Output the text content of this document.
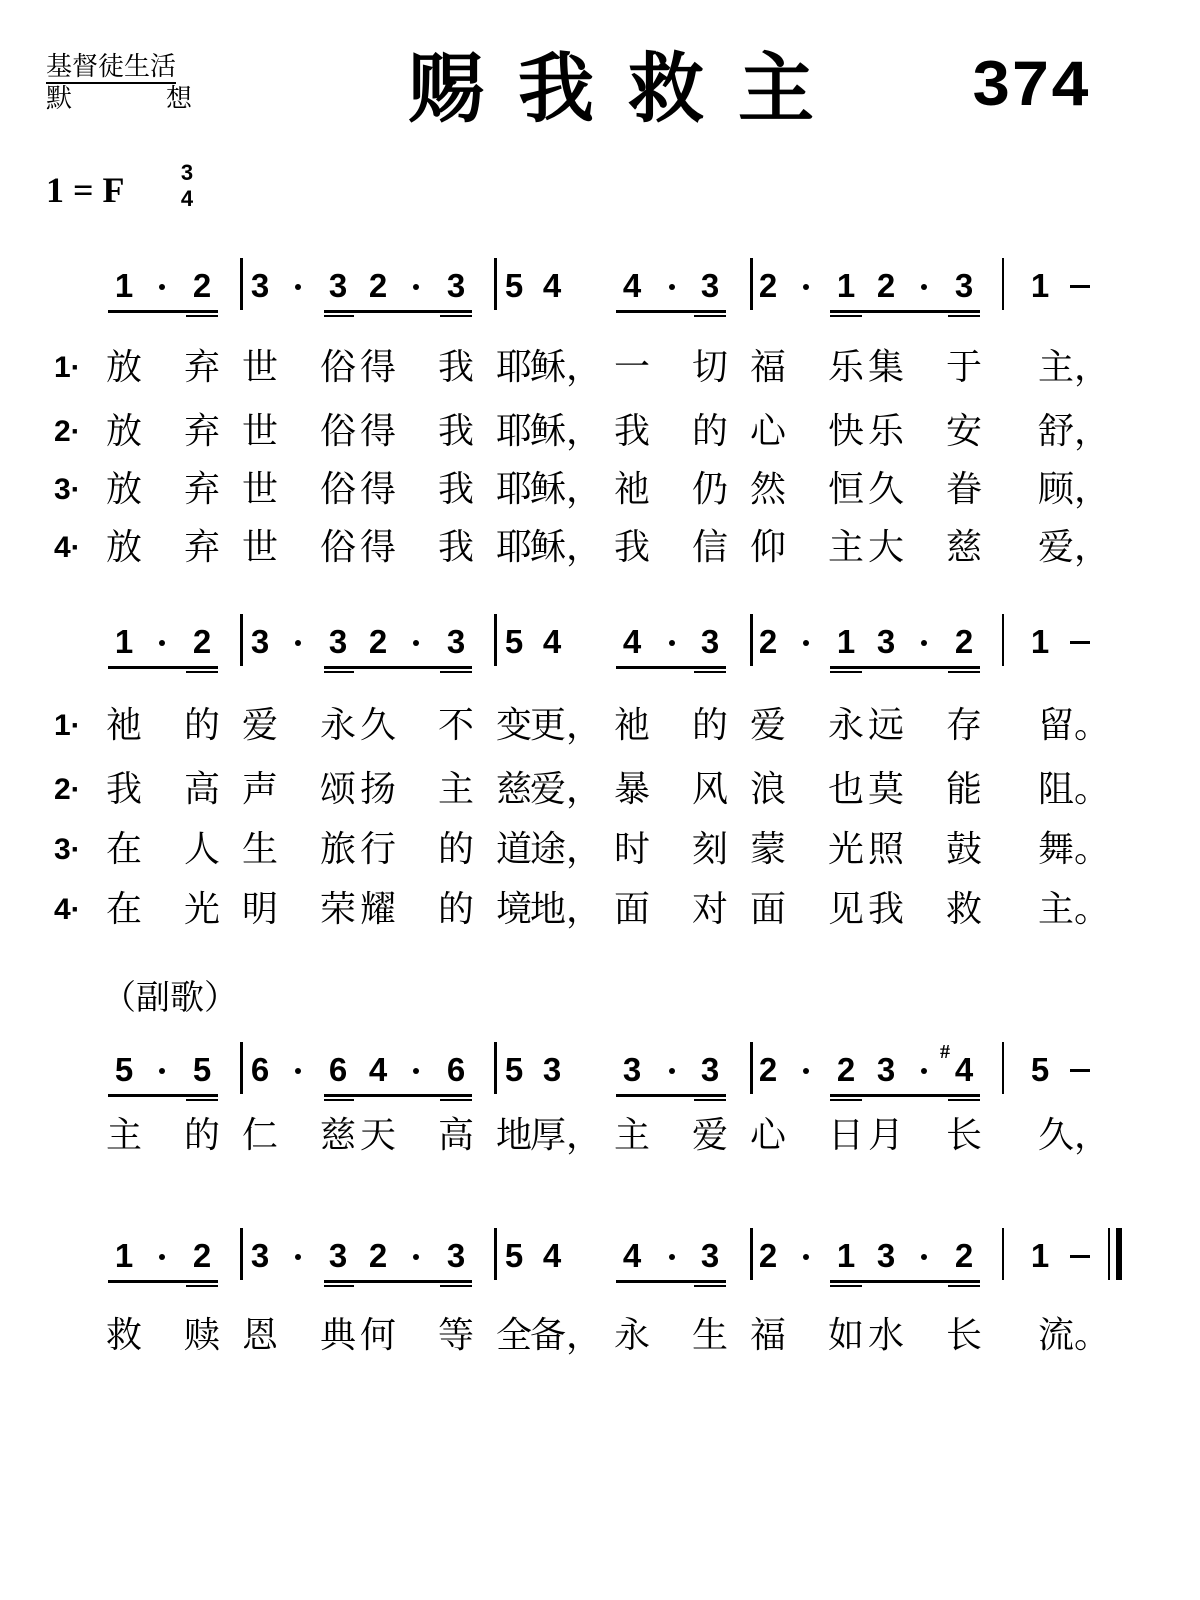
基督徒生活
默	想	赐我救主 374
1 = F	3
4
（副歌）
1 2 3 3 2 3 5 4 4 3 2 1 2 3 1
1· 放 弃 世 俗 得 我 耶
稣， 一 切 福 乐 集 于 主，
2· 放 弃 世 俗 得 我 耶
稣， 我 的 心 快 乐 安 舒，
3· 放 弃 世 俗 得 我 耶
稣， 祂 仍 然 恒 久 眷 顾，
4· 放 弃 世 俗 得 我 耶
稣， 我 信 仰 主 大 慈 爱，
1 2 3 3 2 3 5 4 4 3 2 1 3 2 1
1· 祂 的 爱 永 久 不 变
更， 祂 的 爱 永 远 存 留。
2· 我 高 声 颂 扬 主 慈
爱， 暴 风 浪 也 莫 能 阻。
3· 在 人 生 旅 行 的 道
途， 时 刻 蒙 光 照 鼓 舞。
4· 在 光 明 荣 耀 的 境
地， 面 对 面 见 我 救 主。
5 5 6 6 4 6 5 3 3 3 2 2 3 4 5
#
主 的 仁 慈 天 高 地
厚， 主 爱 心 日 月 长 久，
1 2 3 3 2 3 5 4 4 3 2 1 3 2 1
救 赎 恩 典 何 等 全
备， 永 生 福 如 水 长 流。
